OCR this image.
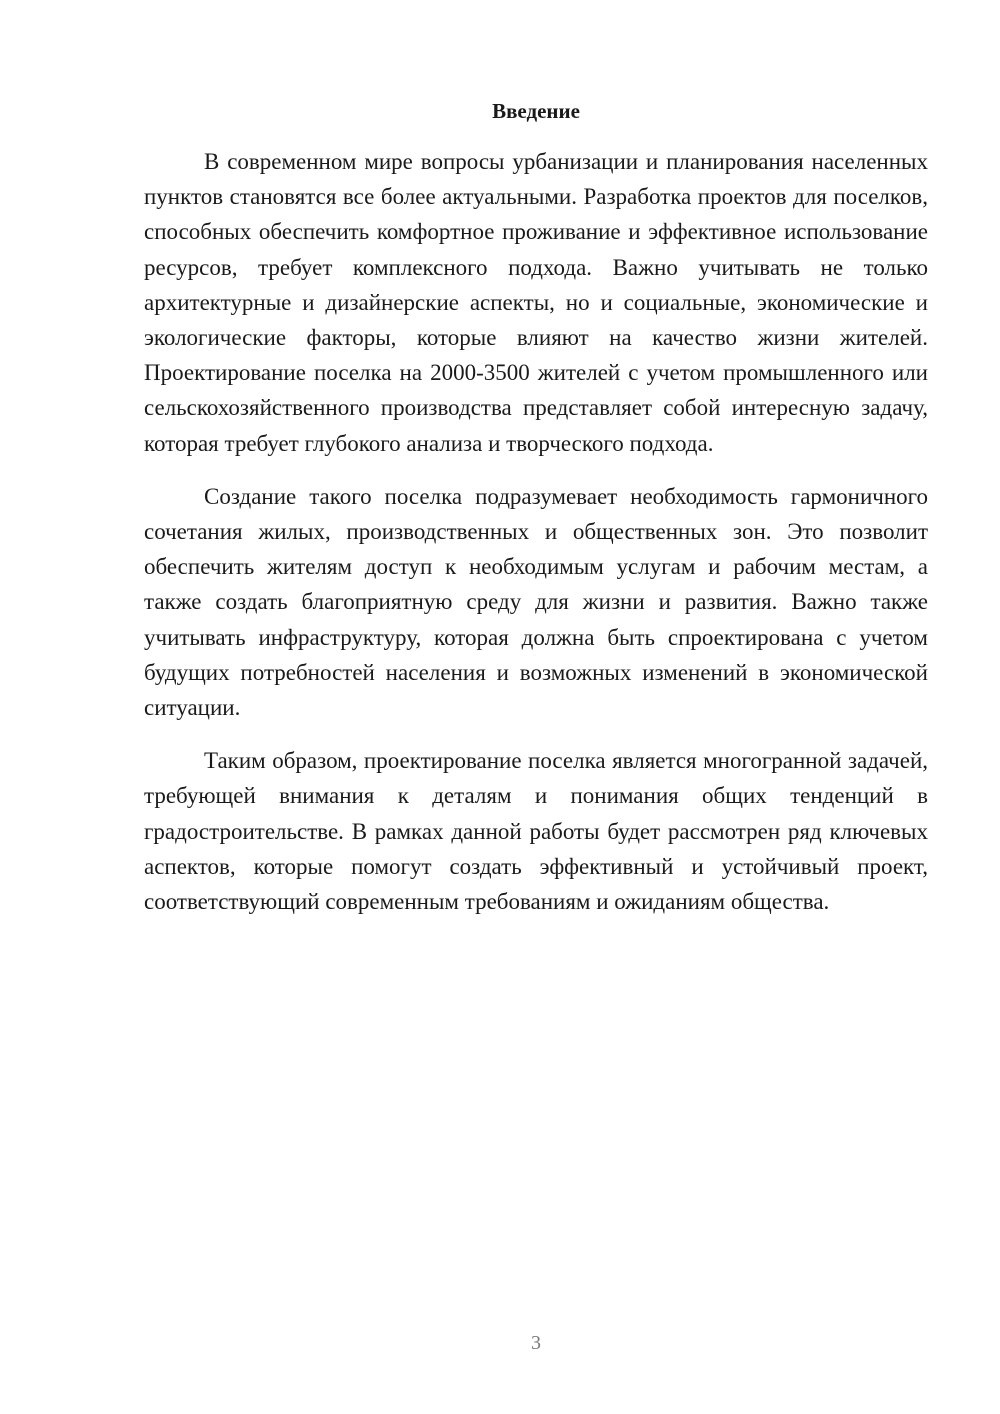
Введение

В современном мире вопросы урбанизации и планирования населенных пунктов становятся все более актуальными. Разработка проектов для поселков, способных обеспечить комфортное проживание и эффективное использование ресурсов, требует комплексного подхода. Важно учитывать не только архитектурные и дизайнерские аспекты, но и социальные, экономические и экологические факторы, которые влияют на качество жизни жителей. Проектирование поселка на 2000-3500 жителей с учетом промышленного или сельскохозяйственного производства представляет собой интересную задачу, которая требует глубокого анализа и творческого подхода.

Создание такого поселка подразумевает необходимость гармоничного сочетания жилых, производственных и общественных зон. Это позволит обеспечить жителям доступ к необходимым услугам и рабочим местам, а также создать благоприятную среду для жизни и развития. Важно также учитывать инфраструктуру, которая должна быть спроектирована с учетом будущих потребностей населения и возможных изменений в экономической ситуации.

Таким образом, проектирование поселка является многогранной задачей, требующей внимания к деталям и понимания общих тенденций в градостроительстве. В рамках данной работы будет рассмотрен ряд ключевых аспектов, которые помогут создать эффективный и устойчивый проект, соответствующий современным требованиям и ожиданиям общества.

3
